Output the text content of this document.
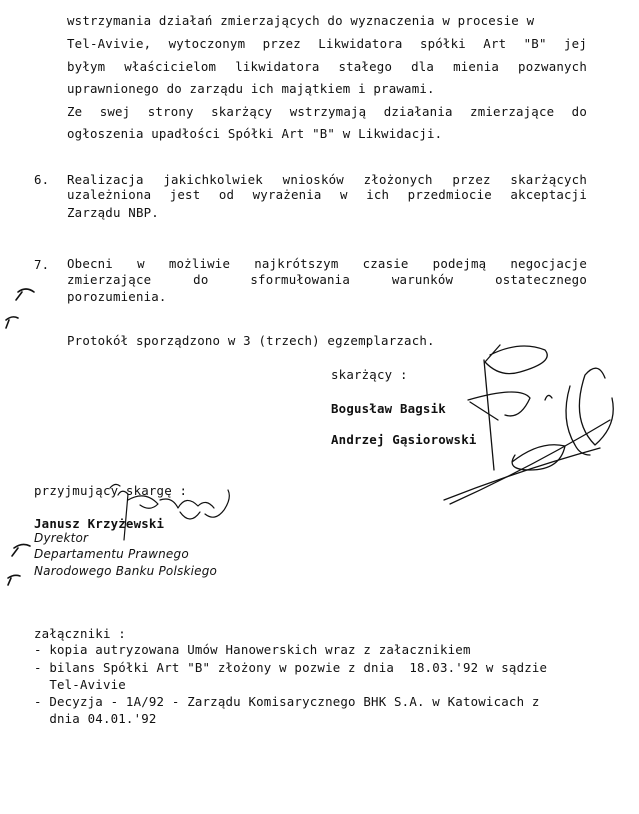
wstrzymania działań zmierzających do wyznaczenia w procesie w
Tel-Avivie, wytoczonym przez Likwidatora spółki Art "B" jej
byłym właścicielom likwidatora stałego dla mienia pozwanych
uprawnionego do zarządu ich majątkiem i prawami.
Ze swej strony skarżący wstrzymają działania zmierzające do
ogłoszenia upadłości Spółki Art "B" w Likwidacji.
6. Realizacja jakichkolwiek wniosków złożonych przez skarżących
uzależniona jest od wyrażenia w ich przedmiocie akceptacji
Zarządu NBP.
7. Obecni w możliwie najkrótszym czasie podejmą negocjacje
zmierzające do sformułowania warunków ostatecznego
porozumienia.
Protokół sporządzono w 3 (trzech) egzemplarzach.
skarżący :
Bogusław Bagsik
Andrzej Gąsiorowski
przyjmujący skargę :
Janusz Krzyżewski
Dyrektor
Departamentu Prawnego
Narodowego Banku Polskiego
załączniki :
- kopia autryzowana Umów Hanowerskich wraz z załacznikiem
- bilans Spółki Art "B" złożony w pozwie z dnia  18.03.'92 w sądzie
Tel-Avivie
- Decyzja - 1A/92 - Zarządu Komisarycznego BHK S.A. w Katowicach z
dnia 04.01.'92
